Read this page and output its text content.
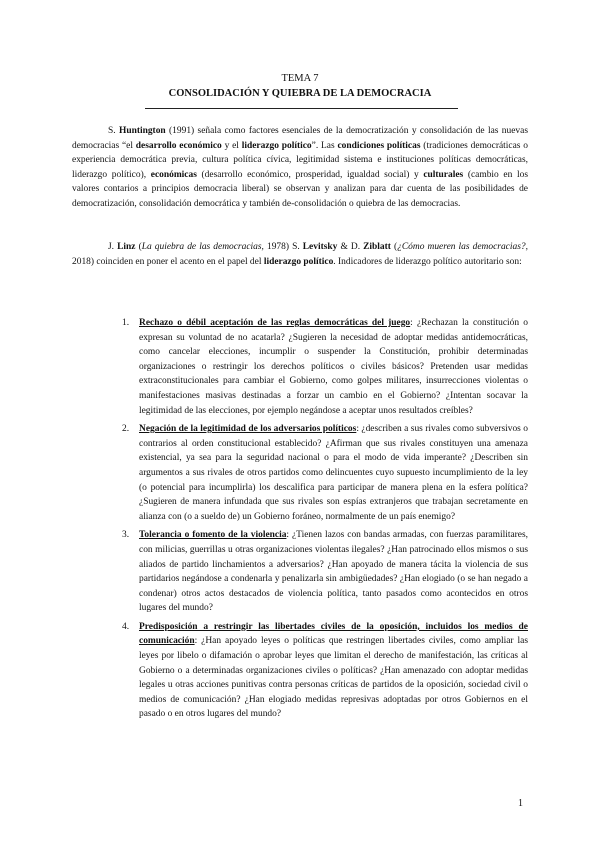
TEMA 7
CONSOLIDACIÓN Y QUIEBRA DE LA DEMOCRACIA

S. Huntington (1991) señala como factores esenciales de la democratización y consolidación de las nuevas democracias “el desarrollo económico y el liderazgo político”. Las condiciones políticas (tradiciones democráticas o experiencia democrática previa, cultura política cívica, legitimidad sistema e instituciones políticas democráticas, liderazgo político), económicas (desarrollo económico, prosperidad, igualdad social) y culturales (cambio en los valores contarios a principios democracia liberal) se observan y analizan para dar cuenta de las posibilidades de democratización, consolidación democrática y también de-consolidación o quiebra de las democracias.

J. Linz (La quiebra de las democracias, 1978) S. Levitsky & D. Ziblatt (¿Cómo mueren las democracias?, 2018) coinciden en poner el acento en el papel del liderazgo político. Indicadores de liderazgo político autoritario son:

1. Rechazo o débil aceptación de las reglas democráticas del juego: ¿Rechazan la constitución o expresan su voluntad de no acatarla? ¿Sugieren la necesidad de adoptar medidas antidemocráticas, como cancelar elecciones, incumplir o suspender la Constitución, prohibir determinadas organizaciones o restringir los derechos políticos o civiles básicos? Pretenden usar medidas extraconstitucionales para cambiar el Gobierno, como golpes militares, insurrecciones violentas o manifestaciones masivas destinadas a forzar un cambio en el Gobierno? ¿Intentan socavar la legitimidad de las elecciones, por ejemplo negándose a aceptar unos resultados creíbles?
2. Negación de la legitimidad de los adversarios políticos: ¿describen a sus rivales como subversivos o contrarios al orden constitucional establecido? ¿Afirman que sus rivales constituyen una amenaza existencial, ya sea para la seguridad nacional o para el modo de vida imperante? ¿Describen sin argumentos a sus rivales de otros partidos como delincuentes cuyo supuesto incumplimiento de la ley (o potencial para incumplirla) los descalifica para participar de manera plena en la esfera política? ¿Sugieren de manera infundada que sus rivales son espías extranjeros que trabajan secretamente en alianza con (o a sueldo de) un Gobierno foráneo, normalmente de un país enemigo?
3. Tolerancia o fomento de la violencia: ¿Tienen lazos con bandas armadas, con fuerzas paramilitares, con milicias, guerrillas u otras organizaciones violentas ilegales? ¿Han patrocinado ellos mismos o sus aliados de partido linchamientos a adversarios? ¿Han apoyado de manera tácita la violencia de sus partidarios negándose a condenarla y penalizarla sin ambigüedades? ¿Han elogiado (o se han negado a condenar) otros actos destacados de violencia política, tanto pasados como acontecidos en otros lugares del mundo?
4. Predisposición a restringir las libertades civiles de la oposición, incluidos los medios de comunicación: ¿Han apoyado leyes o políticas que restringen libertades civiles, como ampliar las leyes por libelo o difamación o aprobar leyes que limitan el derecho de manifestación, las críticas al Gobierno o a determinadas organizaciones civiles o políticas? ¿Han amenazado con adoptar medidas legales u otras acciones punitivas contra personas críticas de partidos de la oposición, sociedad civil o medios de comunicación? ¿Han elogiado medidas represivas adoptadas por otros Gobiernos en el pasado o en otros lugares del mundo?
1
